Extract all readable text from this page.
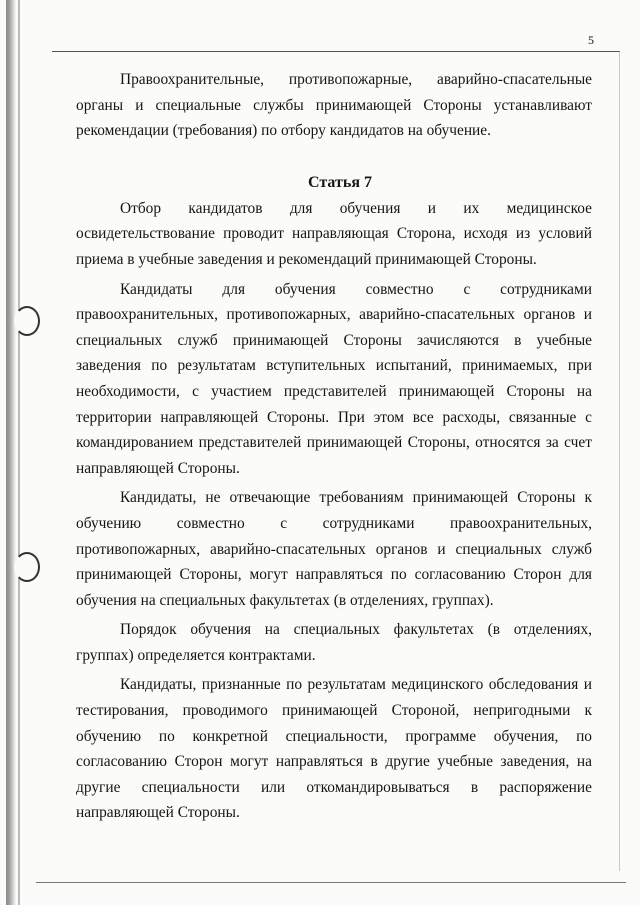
5

Правоохранительные, противопожарные, аварийно-спасательные органы и специальные службы принимающей Стороны устанавливают рекомендации (требования) по отбору кандидатов на обучение.

Статья 7

Отбор кандидатов для обучения и их медицинское освидетельствование проводит направляющая Сторона, исходя из условий приема в учебные заведения и рекомендаций принимающей Стороны.

Кандидаты для обучения совместно с сотрудниками правоохранительных, противопожарных, аварийно-спасательных органов и специальных служб принимающей Стороны зачисляются в учебные заведения по результатам вступительных испытаний, принимаемых, при необходимости, с участием представителей принимающей Стороны на территории направляющей Стороны. При этом все расходы, связанные с командированием представителей принимающей Стороны, относятся за счет направляющей Стороны.

Кандидаты, не отвечающие требованиям принимающей Стороны к обучению совместно с сотрудниками правоохранительных, противопожарных, аварийно-спасательных органов и специальных служб принимающей Стороны, могут направляться по согласованию Сторон для обучения на специальных факультетах (в отделениях, группах).

Порядок обучения на специальных факультетах (в отделениях, группах) определяется контрактами.

Кандидаты, признанные по результатам медицинского обследования и тестирования, проводимого принимающей Стороной, непригодными к обучению по конкретной специальности, программе обучения, по согласованию Сторон могут направляться в другие учебные заведения, на другие специальности или откомандировываться в распоряжение направляющей Стороны.
